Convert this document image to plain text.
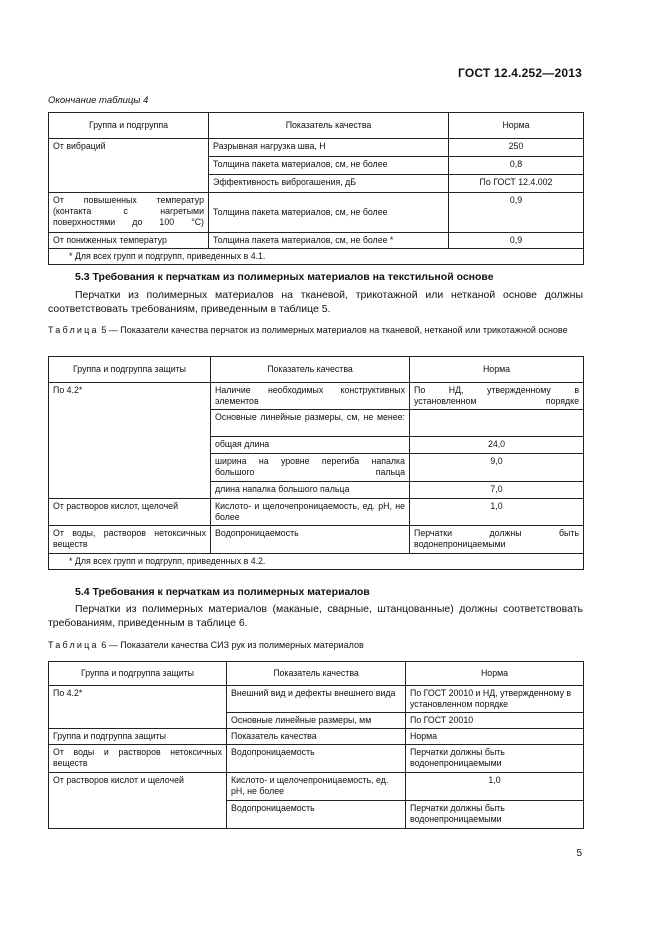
ГОСТ 12.4.252—2013
Окончание таблицы 4
Группа и подгруппа	Показатель качества	Норма
От вибраций	Разрывная нагрузка шва, Н	250
	Толщина пакета материалов, см, не более	0,8
	Эффективность виброгашения, дБ	По ГОСТ 12.4.002
От повышенных температур (контакта с нагретыми поверхностями до 100 °С)	Толщина пакета материалов, см, не более	0,9
От пониженных температур	Толщина пакета материалов, см, не более *	0,9
* Для всех групп и подгрупп, приведенных в 4.1.		
5.3 Требования к перчаткам из полимерных материалов на текстильной основе
Перчатки из полимерных материалов на тканевой, трикотажной или нетканой основе должны соответствовать требованиям, приведенным в таблице 5.
Таблица 5 — Показатели качества перчаток из полимерных материалов на тканевой, нетканой или трикотажной основе
Группа и подгруппа защиты	Показатель качества	Норма
По 4.2*	Наличие необходимых конструктивных элементов	По НД, утвержденному в установленном порядке
	Основные линейные размеры, см, не менее:	
	общая длина	24,0
	ширина на уровне перегиба напалка большого пальца	9,0
	длина напалка большого пальца	7,0
От растворов кислот, щелочей	Кислото- и щелочепроницаемость, ед. рН, не более	1,0
От воды, растворов нетоксичных веществ	Водопроницаемость	Перчатки должны быть водонепроницаемыми
* Для всех групп и подгрупп, приведенных в 4.2.		
5.4 Требования к перчаткам из полимерных материалов
Перчатки из полимерных материалов (маканые, сварные, штанцованные) должны соответствовать требованиям, приведенным в таблице 6.
Таблица 6 — Показатели качества СИЗ рук из полимерных материалов
Группа и подгруппа защиты	Показатель качества	Норма
По 4.2*	Внешний вид и дефекты внешнего вида	По ГОСТ 20010 и НД, утвержденному в установленном порядке
	Основные линейные размеры, мм	По ГОСТ 20010
Группа и подгруппа защиты	Показатель качества	Норма
От воды и растворов нетоксичных веществ	Водопроницаемость	Перчатки должны быть водонепроницаемыми
От растворов кислот и щелочей	Кислото- и щелочепроницаемость, ед. рН, не более	1,0
	Водопроницаемость	Перчатки должны быть водонепроницаемыми
5
